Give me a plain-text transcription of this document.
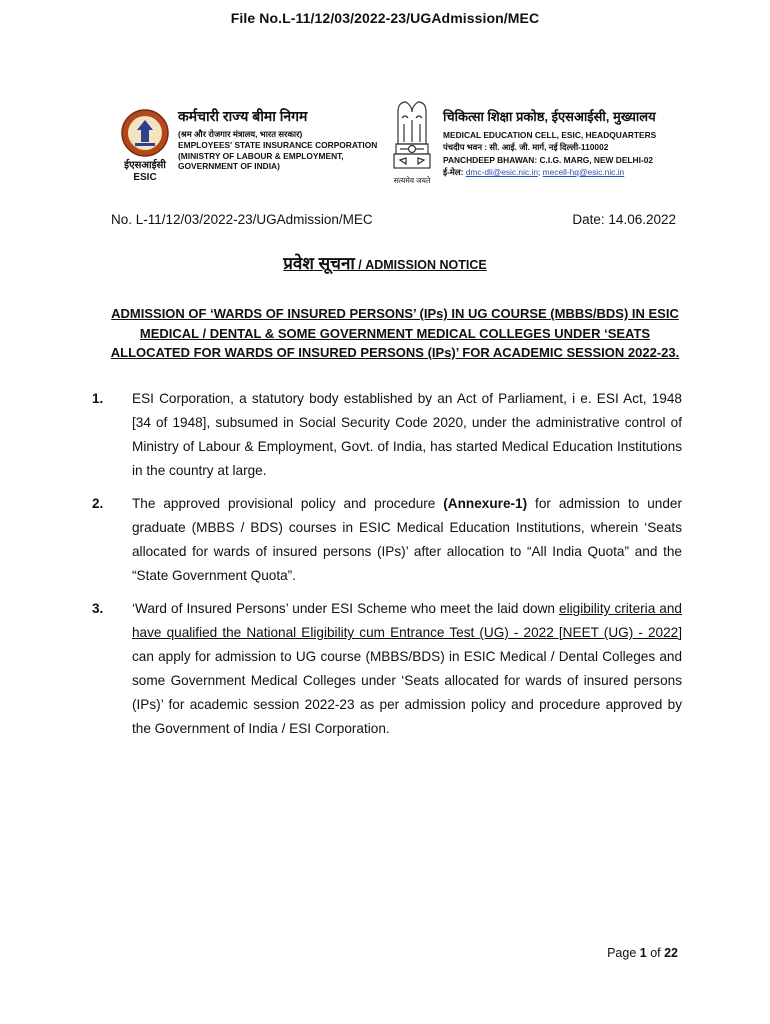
File No.L-11/12/03/2022-23/UGAdmission/MEC
ईएसआईसी
ESIC
कर्मचारी राज्य बीमा निगम
(श्रम और रोजगार मंत्रालय, भारत सरकार)
EMPLOYEES' STATE INSURANCE CORPORATION
(MINISTRY OF LABOUR & EMPLOYMENT,
GOVERNMENT OF INDIA)
सत्यमेव जयते
चिकित्सा शिक्षा प्रकोष्ठ, ईएसआईसी, मुख्यालय
MEDICAL EDUCATION CELL, ESIC, HEADQUARTERS
पंचदीप भवन : सी. आई. जी. मार्ग, नई दिल्ली-110002
PANCHDEEP BHAWAN: C.I.G. MARG, NEW DELHI-02
ई-मेल: dmc-dli@esic.nic.in; mecell-hq@esic.nic.in
No. L-11/12/03/2022-23/UGAdmission/MEC	Date: 14.06.2022
प्रवेश सूचना / ADMISSION NOTICE
ADMISSION OF ‘WARDS OF INSURED PERSONS’ (IPs) IN UG COURSE (MBBS/BDS) IN ESIC MEDICAL / DENTAL & SOME GOVERNMENT MEDICAL COLLEGES UNDER ‘SEATS ALLOCATED FOR WARDS OF INSURED PERSONS (IPs)’ FOR ACADEMIC SESSION 2022-23.
1. ESI Corporation, a statutory body established by an Act of Parliament, i e. ESI Act, 1948 [34 of 1948], subsumed in Social Security Code 2020, under the administrative control of Ministry of Labour & Employment, Govt. of India, has started Medical Education Institutions in the country at large.
2. The approved provisional policy and procedure (Annexure-1) for admission to under graduate (MBBS / BDS) courses in ESIC Medical Education Institutions, wherein ‘Seats allocated for wards of insured persons (IPs)’ after allocation to “All India Quota” and the “State Government Quota”.
3. ‘Ward of Insured Persons’ under ESI Scheme who meet the laid down eligibility criteria and have qualified the National Eligibility cum Entrance Test (UG) - 2022 [NEET (UG) - 2022] can apply for admission to UG course (MBBS/BDS) in ESIC Medical / Dental Colleges and some Government Medical Colleges under ‘Seats allocated for wards of insured persons (IPs)’ for academic session 2022-23 as per admission policy and procedure approved by the Government of India / ESI Corporation.
Page 1 of 22
